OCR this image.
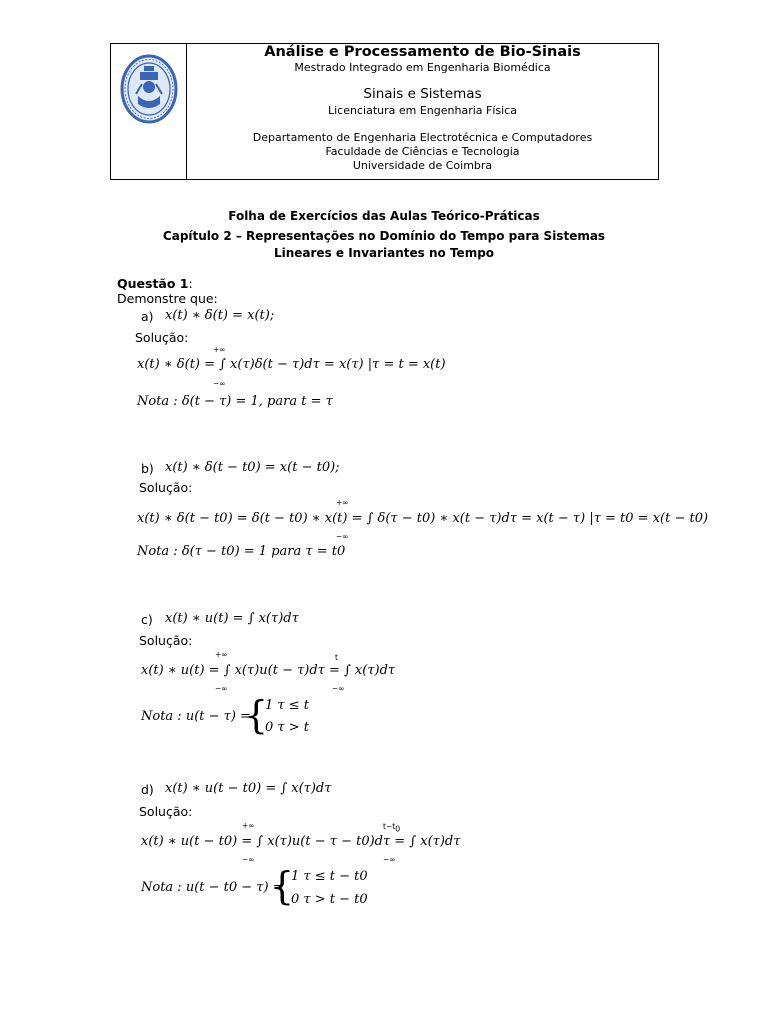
Análise e Processamento de Bio-Sinais
Mestrado Integrado em Engenharia Biomédica
Sinais e Sistemas
Licenciatura em Engenharia Física
Departamento de Engenharia Electrotécnica e Computadores
Faculdade de Ciências e Tecnologia
Universidade de Coimbra
Folha de Exercícios das Aulas Teórico-Práticas
Capítulo 2 – Representações no Domínio do Tempo para Sistemas
Lineares e Invariantes no Tempo
Questão 1:
Demonstre que:
a) x(t) ∗ δ(t) = x(t);
Solução:
+∞
−∞
x(t) ∗ δ(t) = ∫ x(τ)δ(t − τ)dτ = x(τ) |τ = t = x(t)
Nota : δ(t − τ) = 1, para t = τ
b) x(t) ∗ δ(t − t0) = x(t − t0);
Solução:
+∞
−∞
x(t) ∗ δ(t − t0) = δ(t − t0) ∗ x(t) = ∫ δ(τ − t0) ∗ x(t − τ)dτ = x(t − τ) |τ = t0 = x(t − t0)
Nota : δ(τ − t0) = 1 para τ = t0
c) x(t) ∗ u(t) = ∫ x(τ)dτ
Solução:
+∞
−∞
t
−∞
x(t) ∗ u(t) = ∫ x(τ)u(t − τ)dτ = ∫ x(τ)dτ
Nota : u(t − τ) =
{
1 τ ≤ t
0 τ > t
d) x(t) ∗ u(t − t0) = ∫ x(τ)dτ
Solução:
+∞
−∞
$t-t_0$
−∞
x(t) ∗ u(t − t0) = ∫ x(τ)u(t − τ − t0)dτ = ∫ x(τ)dτ
Nota : u(t − t0 − τ) =
{
1 τ ≤ t − t0
0 τ > t − t0
